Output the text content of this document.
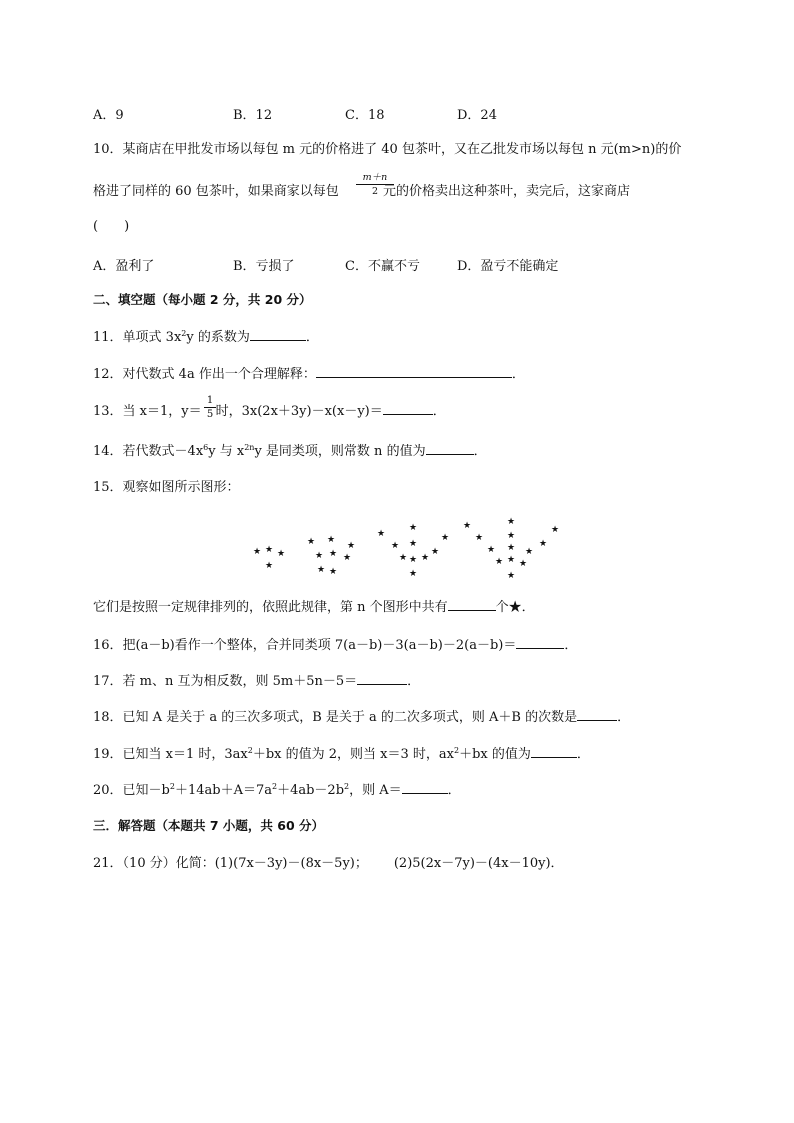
A．9	B．12	C．18	D．24
10．某商店在甲批发市场以每包 m 元的价格进了 40 包茶叶，又在乙批发市场以每包 n 元(m>n)的价
格进了同样的 60 包茶叶，如果商家以每包	元的价格卖出这种茶叶，卖完后，这家商店
m＋n
2
(　　)
A．盈利了	B．亏损了	C．不赢不亏	D．盈亏不能确定
二、填空题（每小题 2 分，共 20 分）
11．单项式 $3x^2y$ 的系数为	．
12．对代数式 4a 作出一个合理解释：	．
13．当 x＝1，y＝ 时，3x(2x＋3y)－x(x－y)＝	．
1
5
14．若代数式$-4x^6y$ 与 $x^{2n}y$ 是同类项，则常数 n 的值为	．
15．观察如图所示图形：
★ ★ ★
★
★ ★
★
★ ★ ★
★ ★
★
★
★
★ ★
★
★ ★ ★
★
★	★
★
★	★
★
★ ★ ★
★ ★ ★
★
它们是按照一定规律排列的，依照此规律，第 n 个图形中共有	个★．
16．把(a－b)看作一个整体，合并同类项 7(a－b)－3(a－b)－2(a－b)＝	．
17．若 m、n 互为相反数，则 5m＋5n－5＝	．
18．已知 A 是关于 a 的三次多项式，B 是关于 a 的二次多项式，则 A＋B 的次数是	．
19．已知当 x＝1 时，$3ax^2+bx$ 的值为 2，则当 x＝3 时，$ax^2+bx$ 的值为	．
20．已知$-b^2+14ab+A=7a^2+4ab-2b^2$，则 A＝	．
三．解答题（本题共 7 小题，共 60 分）
21．（10 分）化简：(1)(7x－3y)－(8x－5y)； (2)5(2x－7y)－(4x－10y)．
